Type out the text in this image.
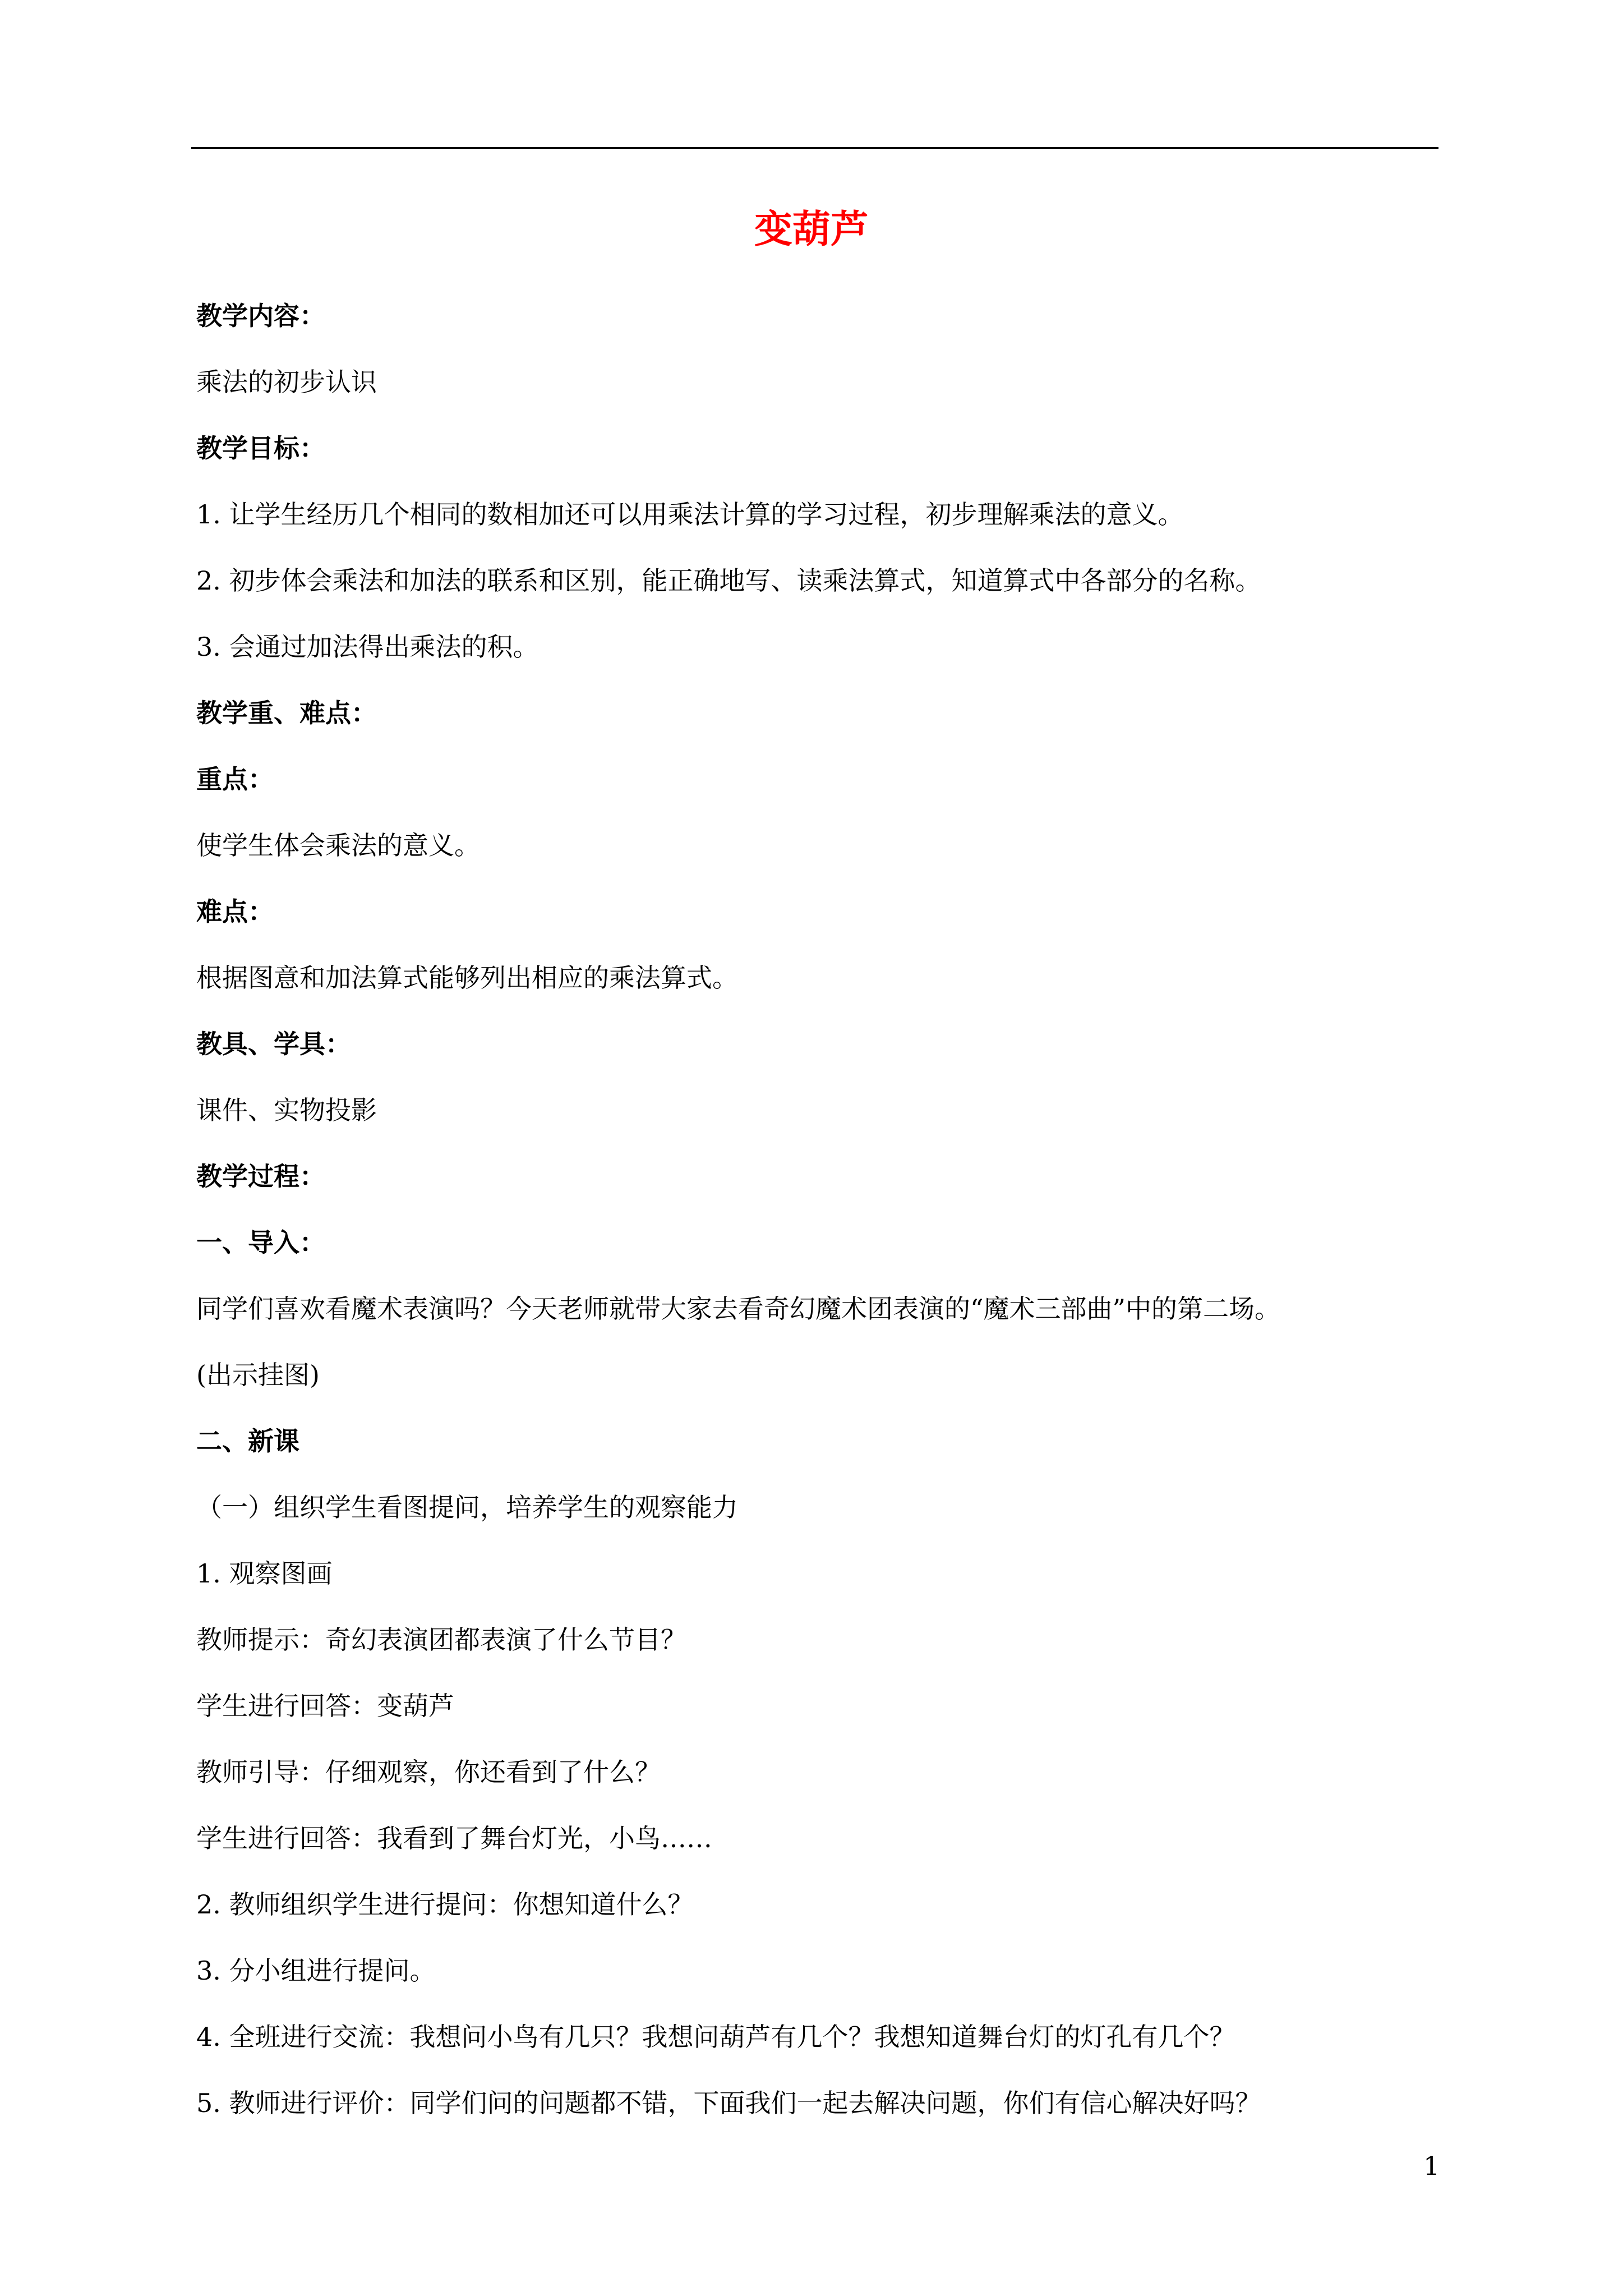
变葫芦
教学内容：
乘法的初步认识
教学目标：
1. 让学生经历几个相同的数相加还可以用乘法计算的学习过程，初步理解乘法的意义。
2. 初步体会乘法和加法的联系和区别，能正确地写、读乘法算式，知道算式中各部分的名称。
3. 会通过加法得出乘法的积。
教学重、难点：
重点：
使学生体会乘法的意义。
难点：
根据图意和加法算式能够列出相应的乘法算式。
教具、学具：
课件、实物投影
教学过程：
一、导入：
同学们喜欢看魔术表演吗？今天老师就带大家去看奇幻魔术团表演的“魔术三部曲”中的第二场。
(出示挂图)
二、新课
（一）组织学生看图提问，培养学生的观察能力
1. 观察图画
教师提示：奇幻表演团都表演了什么节目？
学生进行回答：变葫芦
教师引导：仔细观察，你还看到了什么？
学生进行回答：我看到了舞台灯光，小鸟……
2. 教师组织学生进行提问：你想知道什么？
3. 分小组进行提问。
4. 全班进行交流：我想问小鸟有几只？我想问葫芦有几个？我想知道舞台灯的灯孔有几个？
5. 教师进行评价：同学们问的问题都不错，下面我们一起去解决问题，你们有信心解决好吗？
1
